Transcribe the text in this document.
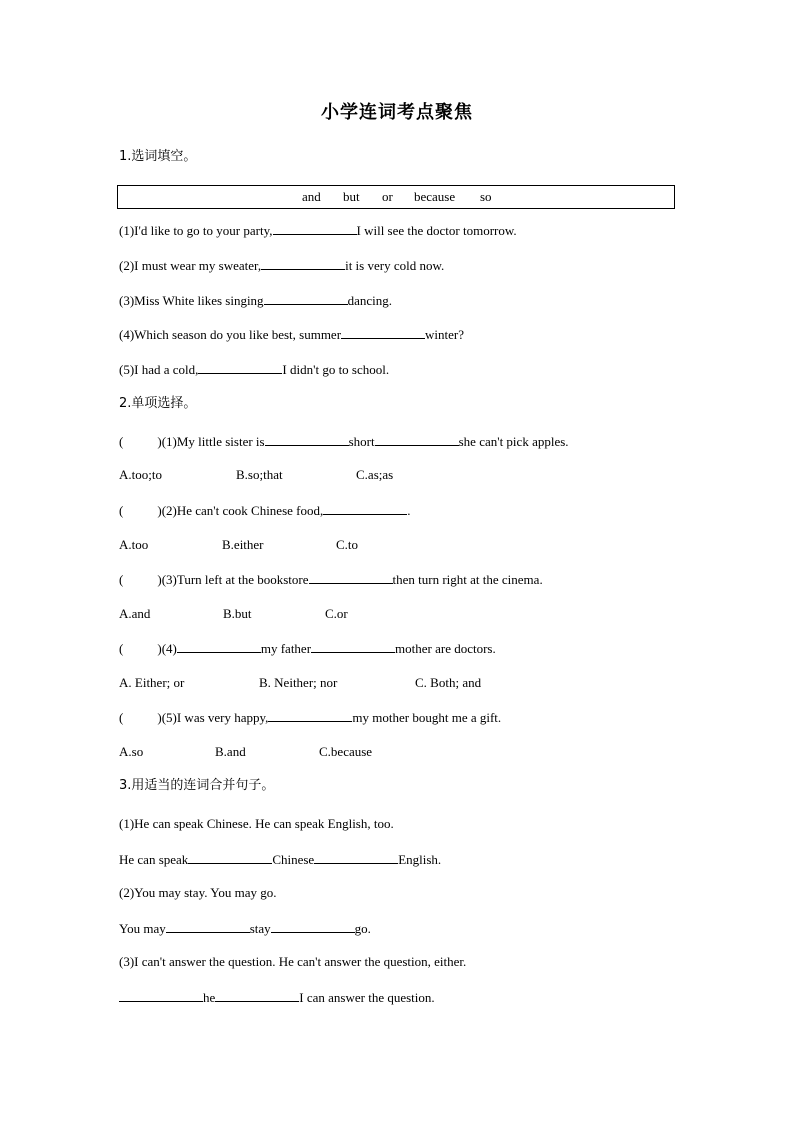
小学连词考点聚焦
1.选词填空。
and but or because so
(1)I'd like to go to your party,	I will see the doctor tomorrow.
(2)I must wear my sweater,	it is very cold now.
(3)Miss White likes singing	dancing.
(4)Which season do you like best, summer	winter?
(5)I had a cold,	I didn't go to school.
2.单项选择。
(	)(1)My little sister is	short	she can't pick apples.
A.too;to	B.so;that	C.as;as
(	)(2)He can't cook Chinese food,	.
A.too	B.either	C.to
(	)(3)Turn left at the bookstore	then turn right at the cinema.
A.and	B.but	C.or
(	)(4)	my father	mother are doctors.
A. Either; or	B. Neither; nor	C. Both; and
(	)(5)I was very happy,	my mother bought me a gift.
A.so	B.and	C.because
3.用适当的连词合并句子。
(1)He can speak Chinese. He can speak English, too.
He can speak	Chinese	English.
(2)You may stay. You may go.
You may	stay	go.
(3)I can't answer the question. He can't answer the question, either.
he	I can answer the question.
